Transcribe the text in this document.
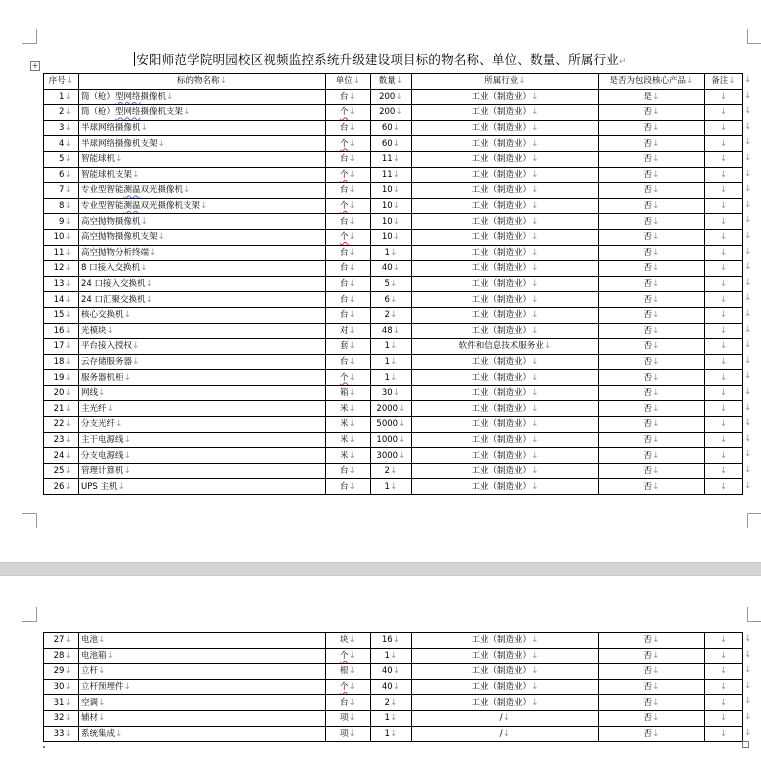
+	安阳师范学院明园校区视频监控系统升级建设项目标的物名称、单位、数量、所属行业↵
序号↓	标的物名称↓	单位↓	数量↓	所属行业↓	是否为包段核心产品↓	备注↓
1↓	筒（枪）型网络摄像机↓	台↓	200↓	工业（制造业）↓	是↓	↓
2↓	筒（枪）型网络摄像机支架↓	个↓	200↓	工业（制造业）↓	否↓	↓
3↓	半球网络摄像机↓	台↓	60↓	工业（制造业）↓	否↓	↓
4↓	半球网络摄像机支架↓	个↓	60↓	工业（制造业）↓	否↓	↓
5↓	智能球机↓	台↓	11↓	工业（制造业）↓	否↓	↓
6↓	智能球机支架↓	个↓	11↓	工业（制造业）↓	否↓	↓
7↓	专业型智能测温双光摄像机↓	台↓	10↓	工业（制造业）↓	否↓	↓
8↓	专业型智能测温双光摄像机支架↓	个↓	10↓	工业（制造业）↓	否↓	↓
9↓	高空抛物摄像机↓	台↓	10↓	工业（制造业）↓	否↓	↓
10↓	高空抛物摄像机支架↓	个↓	10↓	工业（制造业）↓	否↓	↓
11↓	高空抛物分析终端↓	台↓	1↓	工业（制造业）↓	否↓	↓
12↓	8 口接入交换机↓	台↓	40↓	工业（制造业）↓	否↓	↓
13↓	24 口接入交换机↓	台↓	5↓	工业（制造业）↓	否↓	↓
14↓	24 口汇聚交换机↓	台↓	6↓	工业（制造业）↓	否↓	↓
15↓	核心交换机↓	台↓	2↓	工业（制造业）↓	否↓	↓
16↓	光模块↓	对↓	48↓	工业（制造业）↓	否↓	↓
17↓	平台接入授权↓	套↓	1↓	软件和信息技术服务业↓	否↓	↓
18↓	云存储服务器↓	台↓	1↓	工业（制造业）↓	否↓	↓
19↓	服务器机柜↓	个↓	1↓	工业（制造业）↓	否↓	↓
20↓	网线↓	箱↓	30↓	工业（制造业）↓	否↓	↓
21↓	主光纤↓	米↓	2000↓	工业（制造业）↓	否↓	↓
22↓	分支光纤↓	米↓	5000↓	工业（制造业）↓	否↓	↓
23↓	主干电源线↓	米↓	1000↓	工业（制造业）↓	否↓	↓
24↓	分支电源线↓	米↓	3000↓	工业（制造业）↓	否↓	↓
25↓	管理计算机↓	台↓	2↓	工业（制造业）↓	否↓	↓
26↓	UPS 主机↓	台↓	1↓	工业（制造业）↓	否↓	↓
↓
↓
↓
↓
↓
↓
↓
↓
↓
↓
↓
↓
↓
↓
↓
↓
↓
↓
↓
↓
↓
↓
↓
↓
↓
↓
↓
27↓	电池↓	块↓	16↓	工业（制造业）↓	否↓	↓
28↓	电池箱↓	个↓	1↓	工业（制造业）↓	否↓	↓
29↓	立杆↓	根↓	40↓	工业（制造业）↓	否↓	↓
30↓	立杆预埋件↓	个↓	40↓	工业（制造业）↓	否↓	↓
31↓	空调↓	台↓	2↓	工业（制造业）↓	否↓	↓
32↓	辅材↓	项↓	1↓	/↓	否↓	↓
33↓	系统集成↓	项↓	1↓	/↓	否↓	↓
↓
↓
↓
↓
↓
↓
↓
